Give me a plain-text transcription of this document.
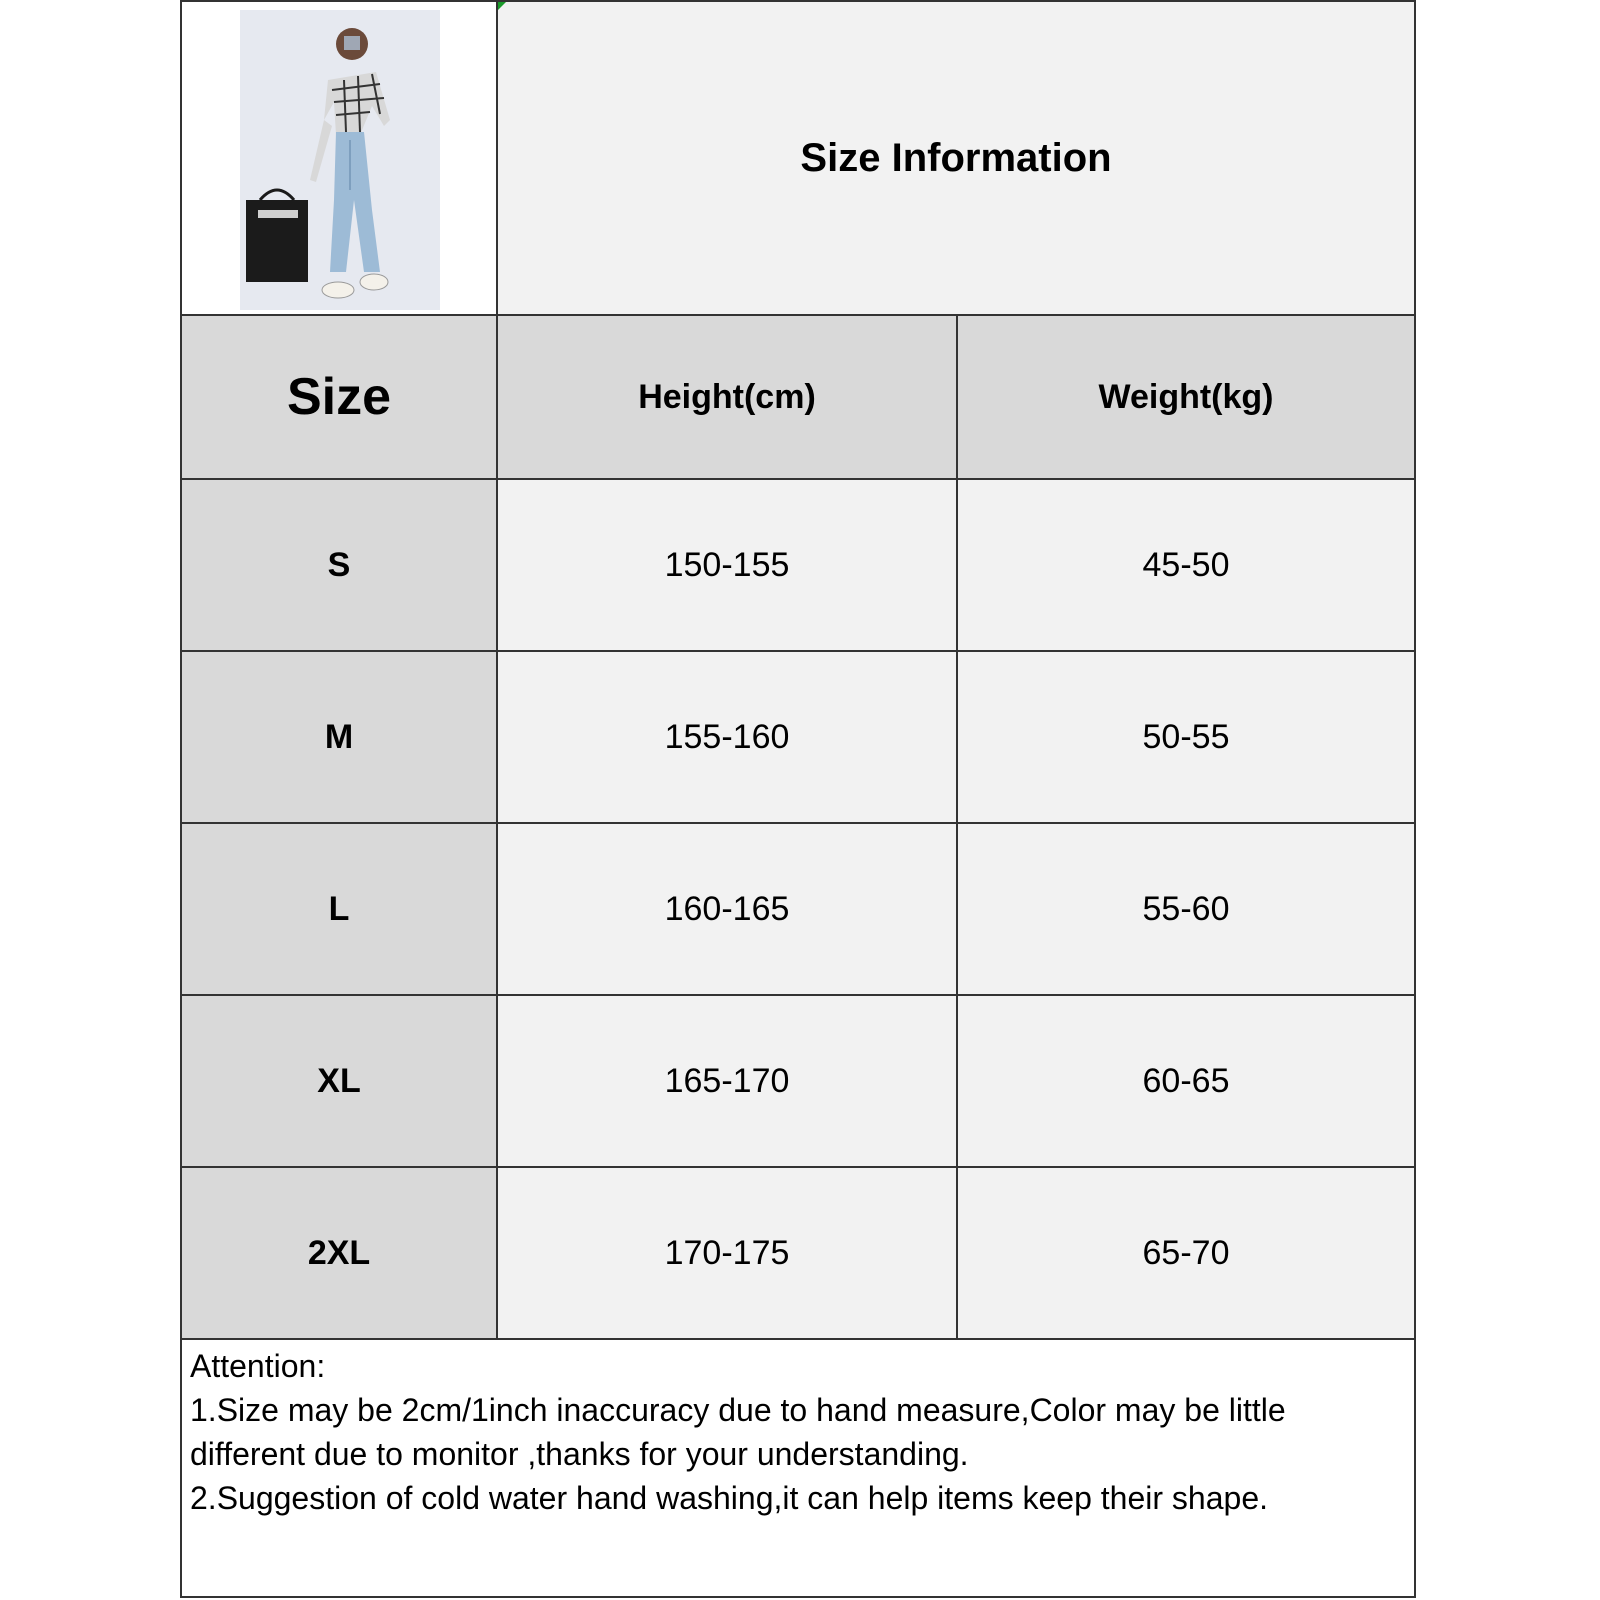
Size Information
Size	Height(cm)	Weight(kg)
S	150-155	45-50
M	155-160	50-55
L	160-165	55-60
XL	165-170	60-65
2XL	170-175	65-70
Attention:
1.Size may be 2cm/1inch inaccuracy due to hand measure,Color may be little
different due to monitor ,thanks for your understanding.
2.Suggestion of cold water hand washing,it can help items keep their shape.
